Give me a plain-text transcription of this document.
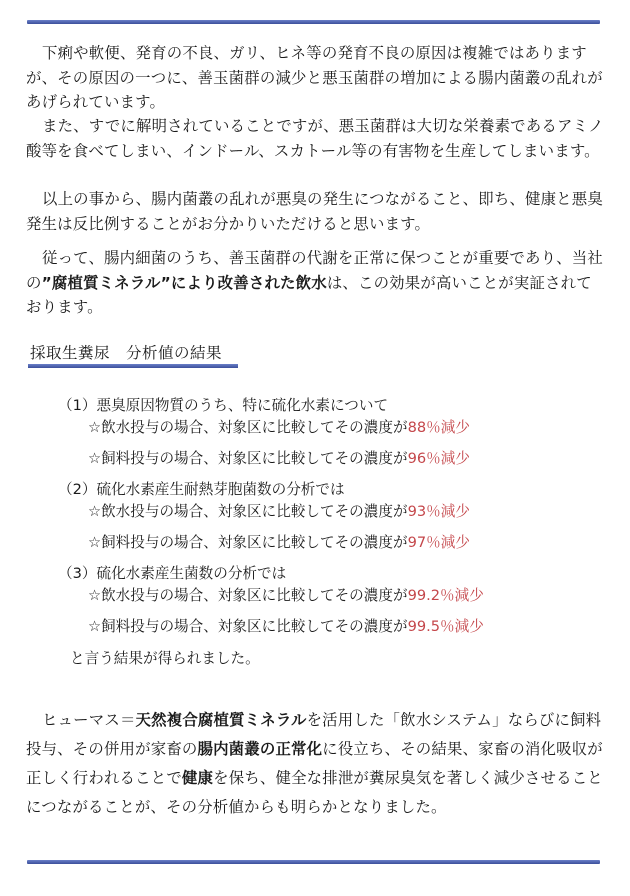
下痢や軟便、発育の不良、ガリ、ヒネ等の発育不良の原因は複雑ではありますが、その原因の一つに、善玉菌群の減少と悪玉菌群の増加による腸内菌叢の乱れがあげられています。

また、すでに解明されていることですが、悪玉菌群は大切な栄養素であるアミノ酸等を食べてしまい、インドール、スカトール等の有害物を生産してしまいます。

以上の事から、腸内菌叢の乱れが悪臭の発生につながること、即ち、健康と悪臭発生は反比例することがお分かりいただけると思います。

従って、腸内細菌のうち、善玉菌群の代謝を正常に保つことが重要であり、当社の”腐植質ミネラル”により改善された飲水は、この効果が高いことが実証されております。

採取生糞尿　分析値の結果
（1）悪臭原因物質のうち、特に硫化水素について
☆飲水投与の場合、対象区に比較してその濃度が88％減少
☆飼料投与の場合、対象区に比較してその濃度が96％減少
（2）硫化水素産生耐熱芽胞菌数の分析では
☆飲水投与の場合、対象区に比較してその濃度が93％減少
☆飼料投与の場合、対象区に比較してその濃度が97％減少
（3）硫化水素産生菌数の分析では
☆飲水投与の場合、対象区に比較してその濃度が99.2％減少
☆飼料投与の場合、対象区に比較してその濃度が99.5％減少
と言う結果が得られました。

ヒューマス＝天然複合腐植質ミネラルを活用した「飲水システム」ならびに飼料投与、その併用が家畜の腸内菌叢の正常化に役立ち、その結果、家畜の消化吸収が正しく行われることで健康を保ち、健全な排泄が糞尿臭気を著しく減少させることにつながることが、その分析値からも明らかとなりました。
